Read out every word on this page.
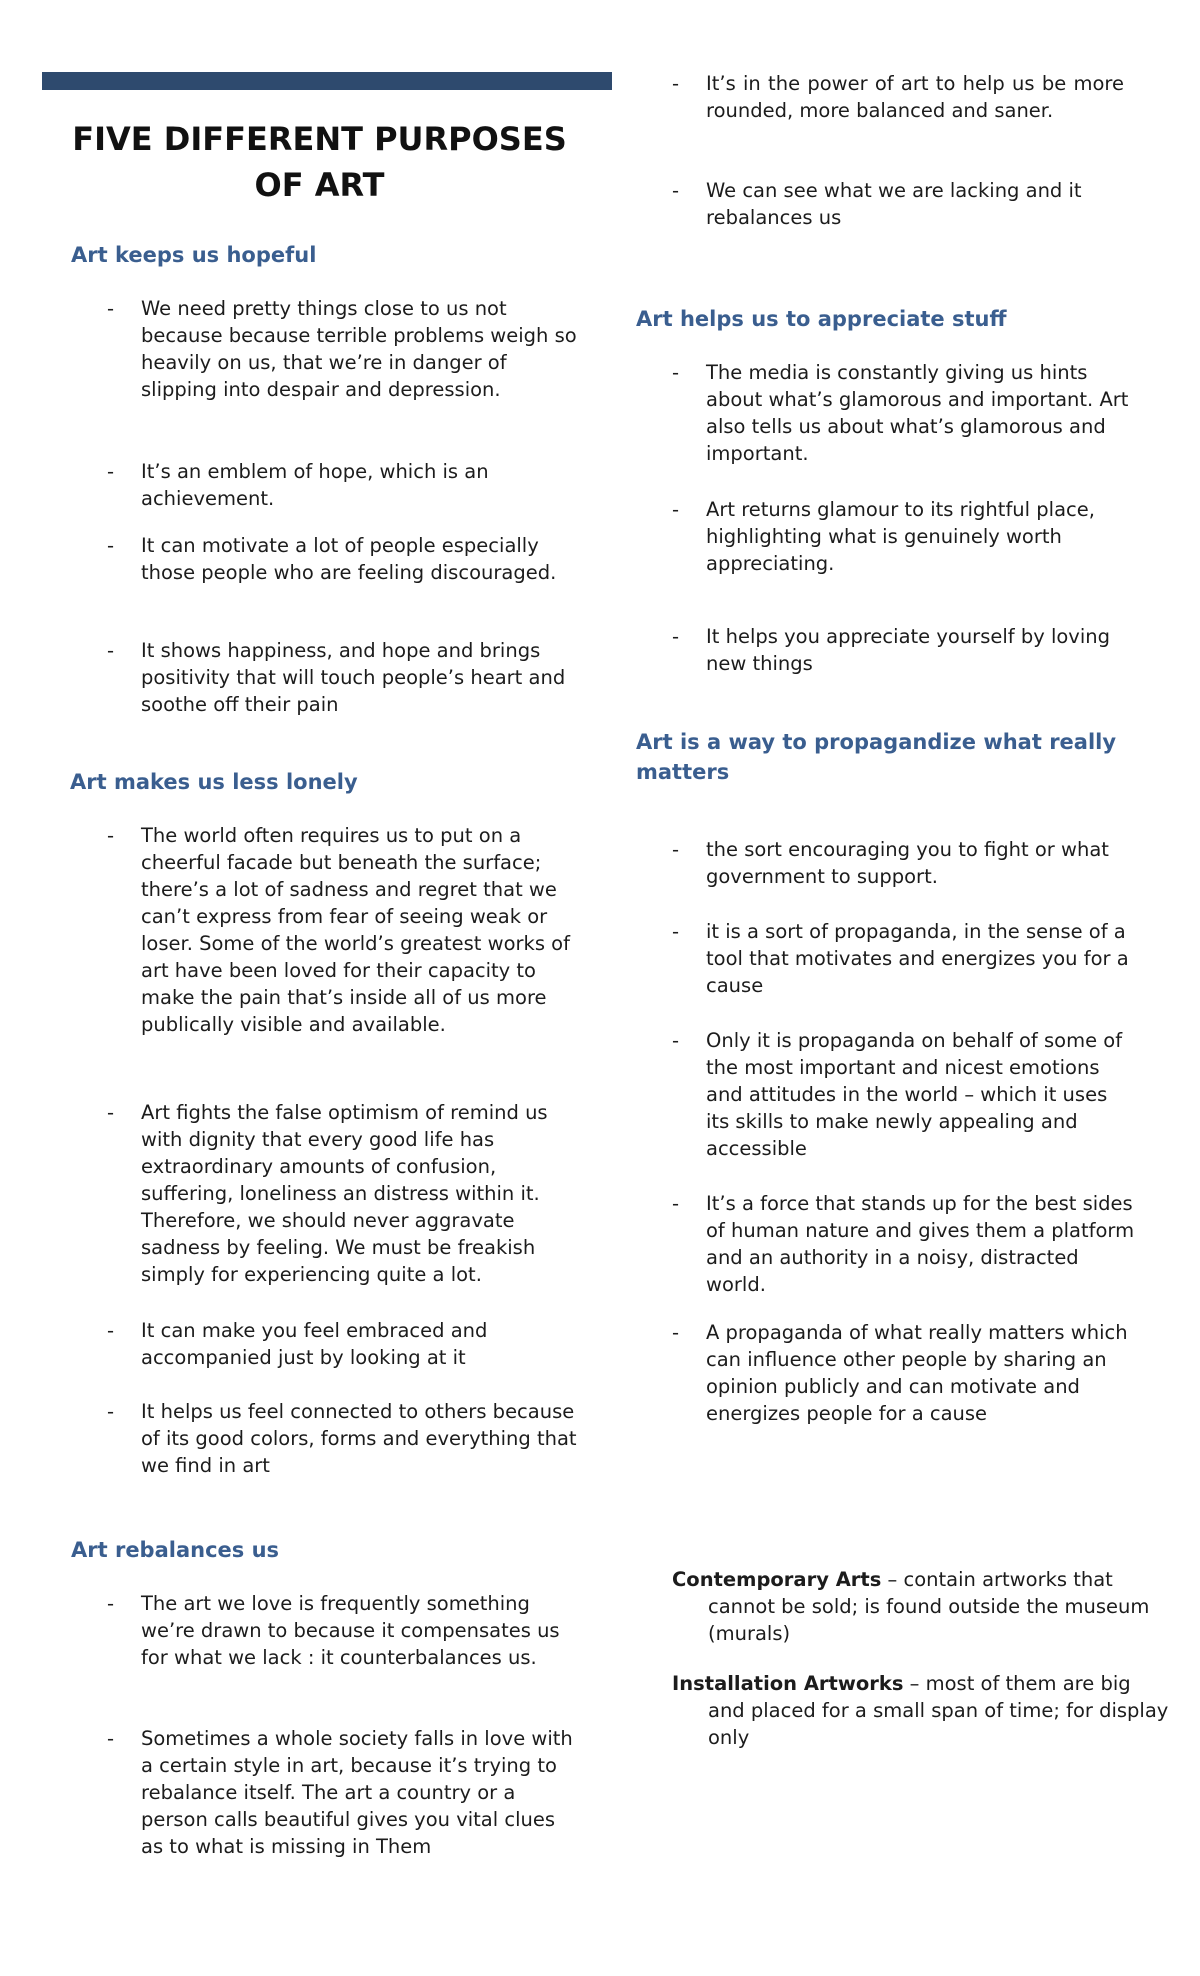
FIVE DIFFERENT PURPOSES OF ART
Art keeps us hopeful
- We need pretty things close to us not because because terrible problems weigh so heavily on us, that we’re in danger of slipping into despair and depression.
- It’s an emblem of hope, which is an achievement.
- It can motivate a lot of people especially those people who are feeling discouraged.
- It shows happiness, and hope and brings positivity that will touch people’s heart and soothe off their pain
Art makes us less lonely
- The world often requires us to put on a cheerful facade but beneath the surface; there’s a lot of sadness and regret that we can’t express from fear of seeing weak or loser. Some of the world’s greatest works of art have been loved for their capacity to make the pain that’s inside all of us more publically visible and available.
- Art fights the false optimism of remind us with dignity that every good life has extraordinary amounts of confusion, suffering, loneliness an distress within it. Therefore, we should never aggravate sadness by feeling. We must be freakish simply for experiencing quite a lot.
- It can make you feel embraced and accompanied just by looking at it
- It helps us feel connected to others because of its good colors, forms and everything that we find in art
Art rebalances us
- The art we love is frequently something we’re drawn to because it compensates us for what we lack : it counterbalances us.
- Sometimes a whole society falls in love with a certain style in art, because it’s trying to rebalance itself. The art a country or a person calls beautiful gives you vital clues as to what is missing in Them
- It’s in the power of art to help us be more rounded, more balanced and saner.
- We can see what we are lacking and it rebalances us
Art helps us to appreciate stuff
- The media is constantly giving us hints about what’s glamorous and important. Art also tells us about what’s glamorous and important.
- Art returns glamour to its rightful place, highlighting what is genuinely worth appreciating.
- It helps you appreciate yourself by loving new things
Art is a way to propagandize what really matters
- the sort encouraging you to fight or what government to support.
- it is a sort of propaganda, in the sense of a tool that motivates and energizes you for a cause
- Only it is propaganda on behalf of some of the most important and nicest emotions and attitudes in the world – which it uses its skills to make newly appealing and accessible
- It’s a force that stands up for the best sides of human nature and gives them a platform and an authority in a noisy, distracted world.
- A propaganda of what really matters which can influence other people by sharing an opinion publicly and can motivate and energizes people for a cause
Contemporary Arts – contain artworks that cannot be sold; is found outside the museum (murals)
Installation Artworks – most of them are big and placed for a small span of time; for display only
